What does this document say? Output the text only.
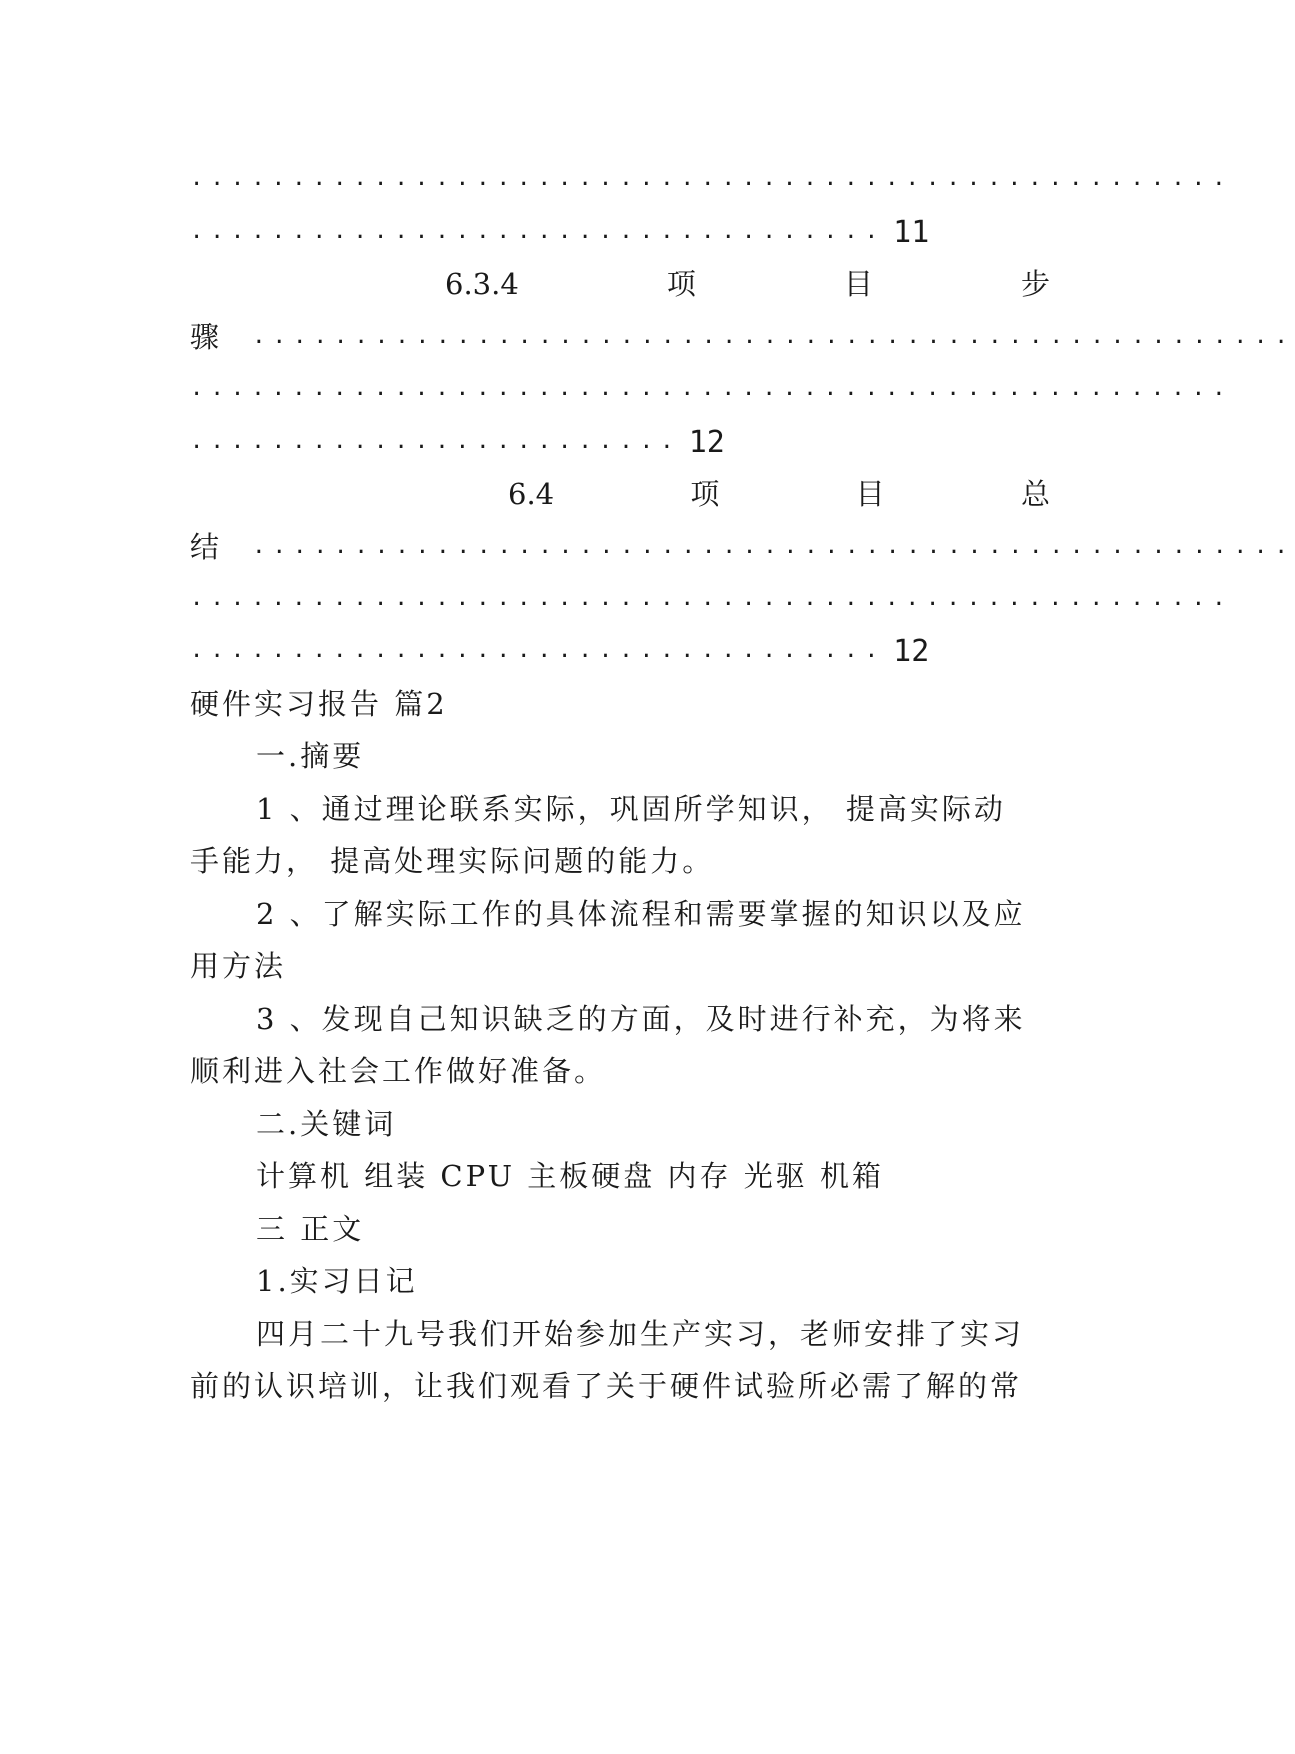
...................................................
.................................. 11
6.3.4	项	目	步
骤 ...................................................
...................................................
........................ 12
6.4	项	目	总
结 ...................................................
...................................................
.................................. 12
硬件实习报告 篇2
一.摘要
1 、通过理论联系实际，巩固所学知识， 提高实际动
手能力， 提高处理实际问题的能力。
2 、了解实际工作的具体流程和需要掌握的知识以及应
用方法
3 、发现自己知识缺乏的方面，及时进行补充，为将来
顺利进入社会工作做好准备。
二.关键词
计算机 组装 CPU 主板硬盘 内存 光驱 机箱
三 正文
1.实习日记
四月二十九号我们开始参加生产实习，老师安排了实习
前的认识培训，让我们观看了关于硬件试验所必需了解的常
